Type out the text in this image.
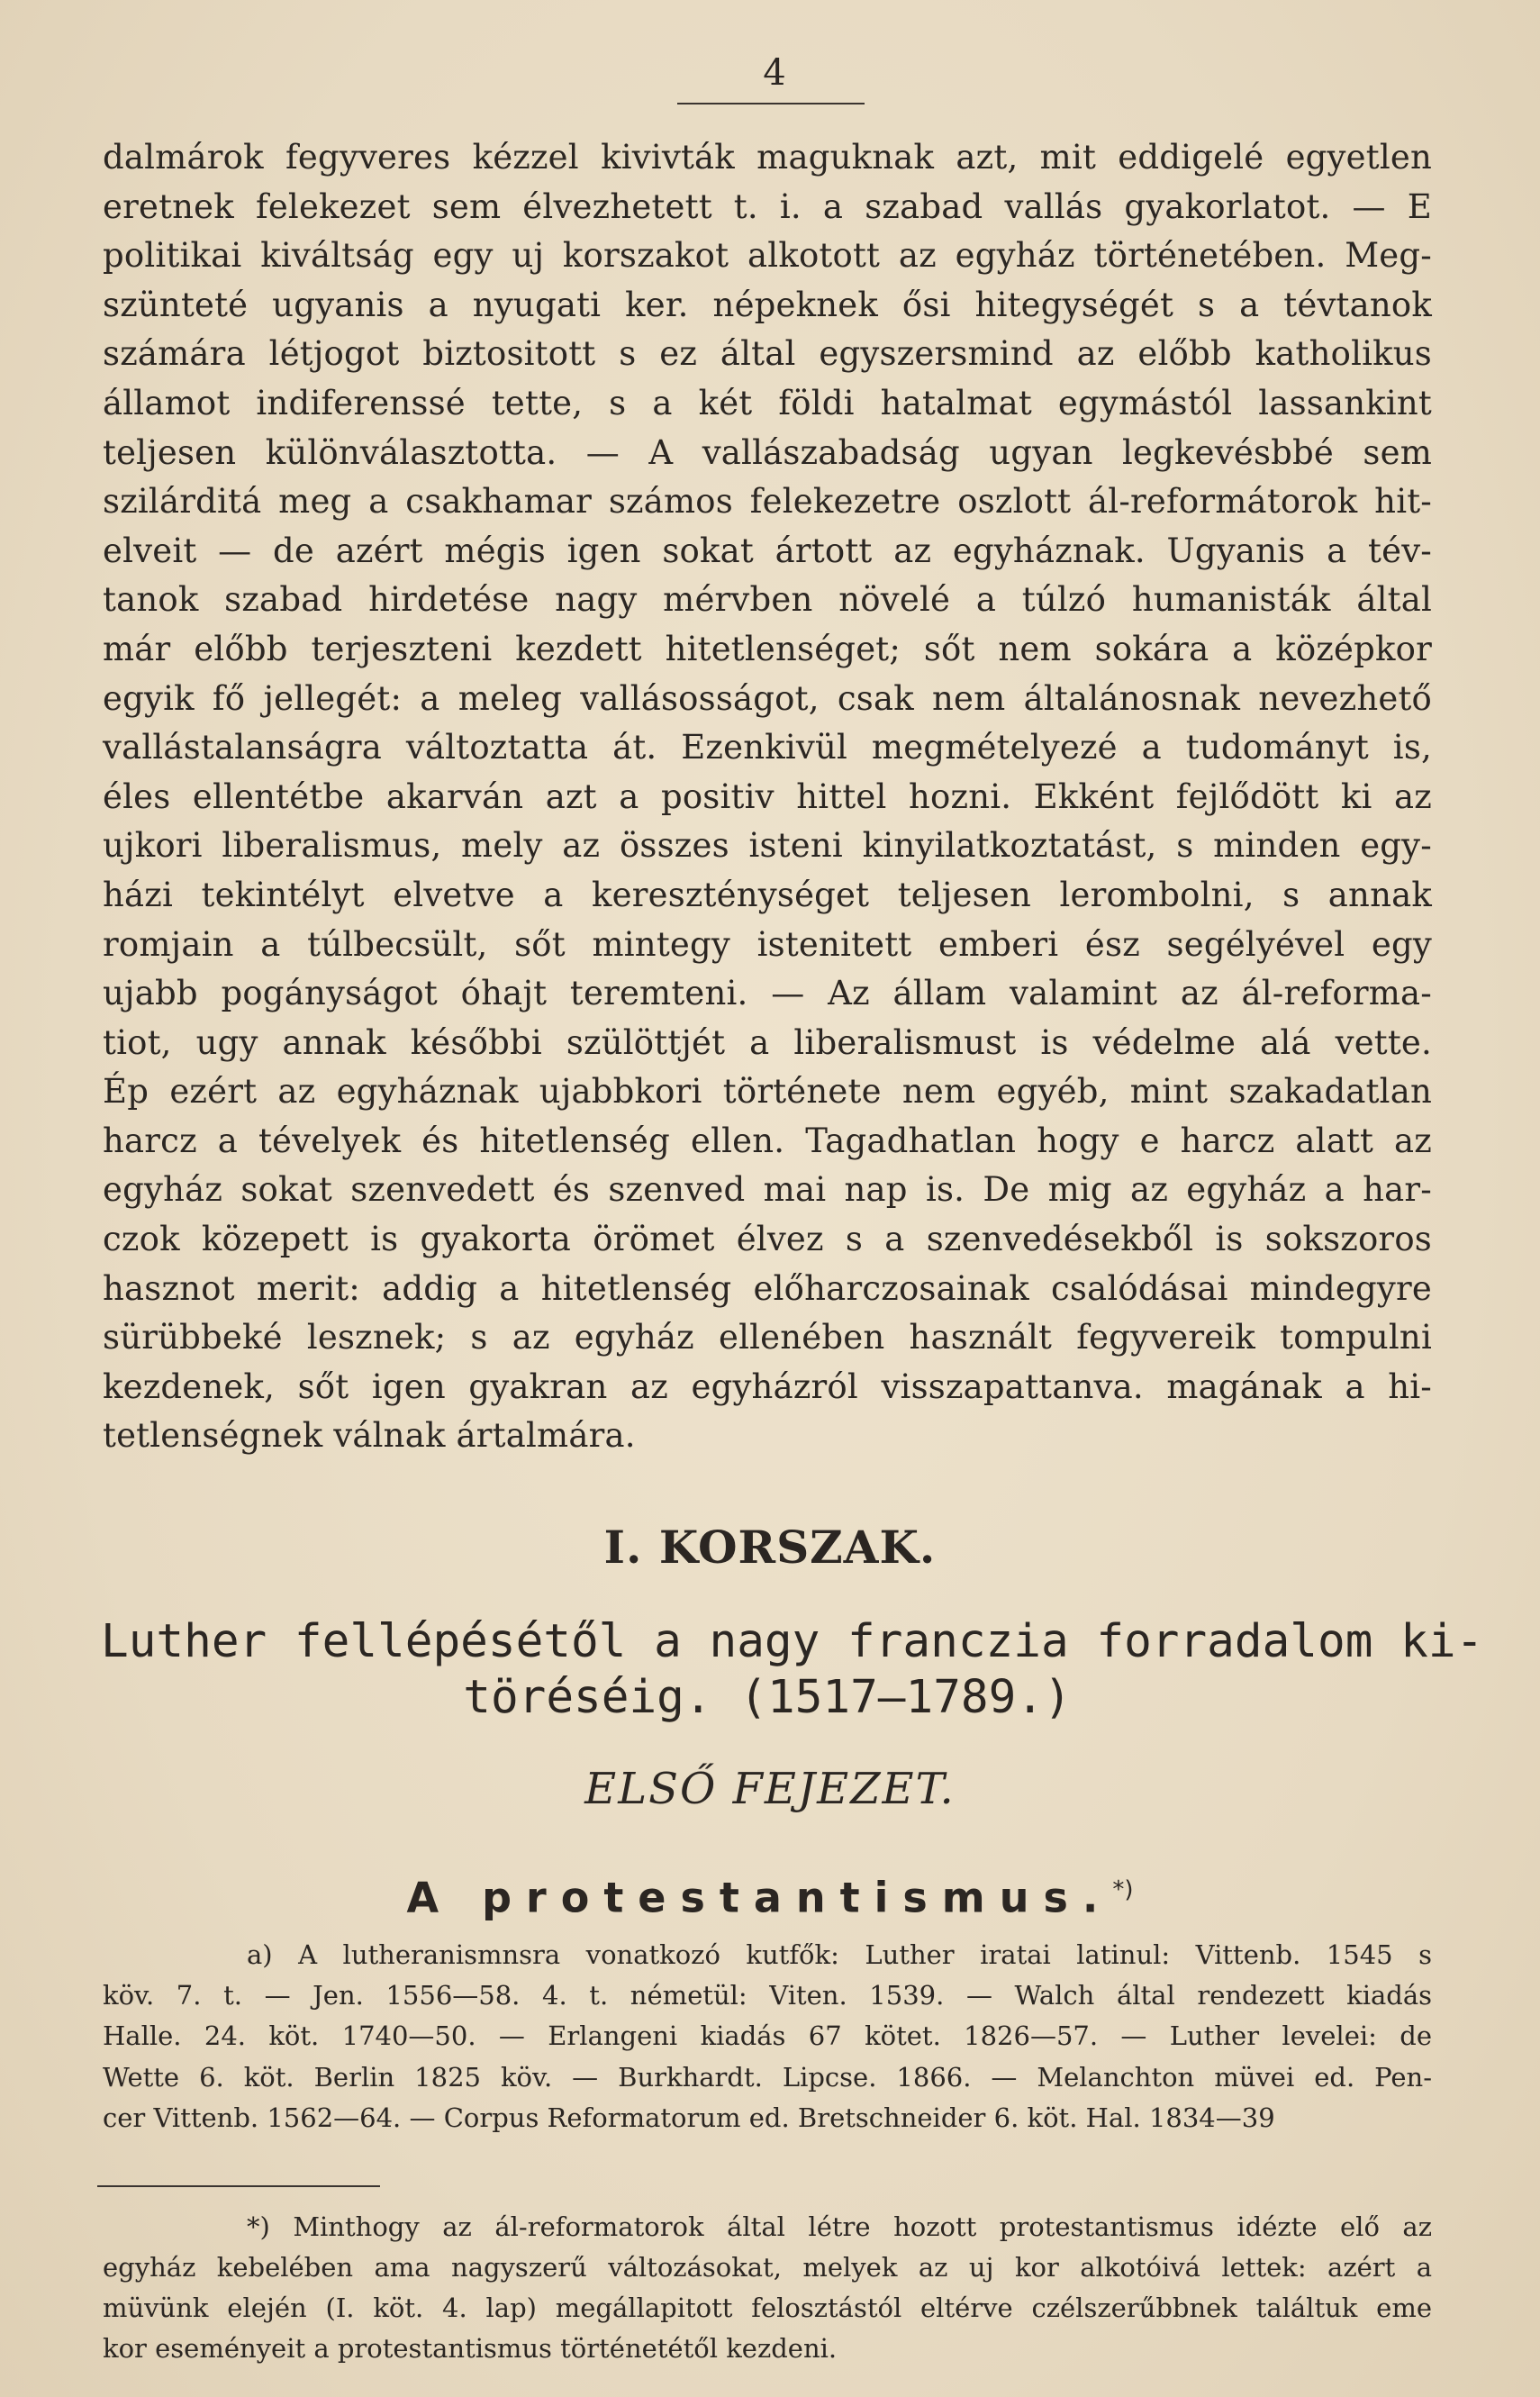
4
dalmárok fegyveres kézzel kivivták maguknak azt, mit eddigelé egyetlen
eretnek felekezet sem élvezhetett t. i. a szabad vallás gyakorlatot. — E
politikai kiváltság egy uj korszakot alkotott az egyház történetében. Meg-
szünteté ugyanis a nyugati ker. népeknek ősi hitegységét s a tévtanok
számára létjogot biztositott s ez által egyszersmind az előbb katholikus
államot indiferenssé tette, s a két földi hatalmat egymástól lassankint
teljesen különválasztotta. — A vallászabadság ugyan legkevésbbé sem
szilárditá meg a csakhamar számos felekezetre oszlott ál-reformátorok hit-
elveit — de azért mégis igen sokat ártott az egyháznak. Ugyanis a tév-
tanok szabad hirdetése nagy mérvben növelé a túlzó humanisták által
már előbb terjeszteni kezdett hitetlenséget; sőt nem sokára a középkor
egyik fő jellegét: a meleg vallásosságot, csak nem általánosnak nevezhető
vallástalanságra változtatta át. Ezenkivül megmételyezé a tudományt is,
éles ellentétbe akarván azt a positiv hittel hozni. Ekként fejlődött ki az
ujkori liberalismus, mely az összes isteni kinyilatkoztatást, s minden egy-
házi tekintélyt elvetve a kereszténységet teljesen lerombolni, s annak
romjain a túlbecsült, sőt mintegy istenitett emberi ész segélyével egy
ujabb pogányságot óhajt teremteni. — Az állam valamint az ál-reforma-
tiot, ugy annak későbbi szülöttjét a liberalismust is védelme alá vette.
Ép ezért az egyháznak ujabbkori története nem egyéb, mint szakadatlan
harcz a tévelyek és hitetlenség ellen. Tagadhatlan hogy e harcz alatt az
egyház sokat szenvedett és szenved mai nap is. De mig az egyház a har-
czok közepett is gyakorta örömet élvez s a szenvedésekből is sokszoros
hasznot merit: addig a hitetlenség előharczosainak csalódásai mindegyre
sürübbeké lesznek; s az egyház ellenében használt fegyvereik tompulni
kezdenek, sőt igen gyakran az egyházról visszapattanva. magának a hi-
tetlenségnek válnak ártalmára.
I. KORSZAK.
Luther fellépésétől a nagy franczia forradalom ki-
töréséig. (1517—1789.)
ELSŐ FEJEZET.
A protestantismus.*)
a) A lutheranismnsra vonatkozó kutfők: Luther iratai latinul: Vittenb. 1545 s
köv. 7. t. — Jen. 1556—58. 4. t. németül: Viten. 1539. — Walch által rendezett kiadás
Halle. 24. köt. 1740—50. — Erlangeni kiadás 67 kötet. 1826—57. — Luther levelei: de
Wette 6. köt. Berlin 1825 köv. — Burkhardt. Lipcse. 1866. — Melanchton müvei ed. Pen-
cer Vittenb. 1562—64. — Corpus Reformatorum ed. Bretschneider 6. köt. Hal. 1834—39
*) Minthogy az ál-reformatorok által létre hozott protestantismus idézte elő az
egyház kebelében ama nagyszerű változásokat, melyek az uj kor alkotóivá lettek: azért a
müvünk elején (I. köt. 4. lap) megállapitott felosztástól eltérve czélszerűbbnek találtuk eme
kor eseményeit a protestantismus történetétől kezdeni.
